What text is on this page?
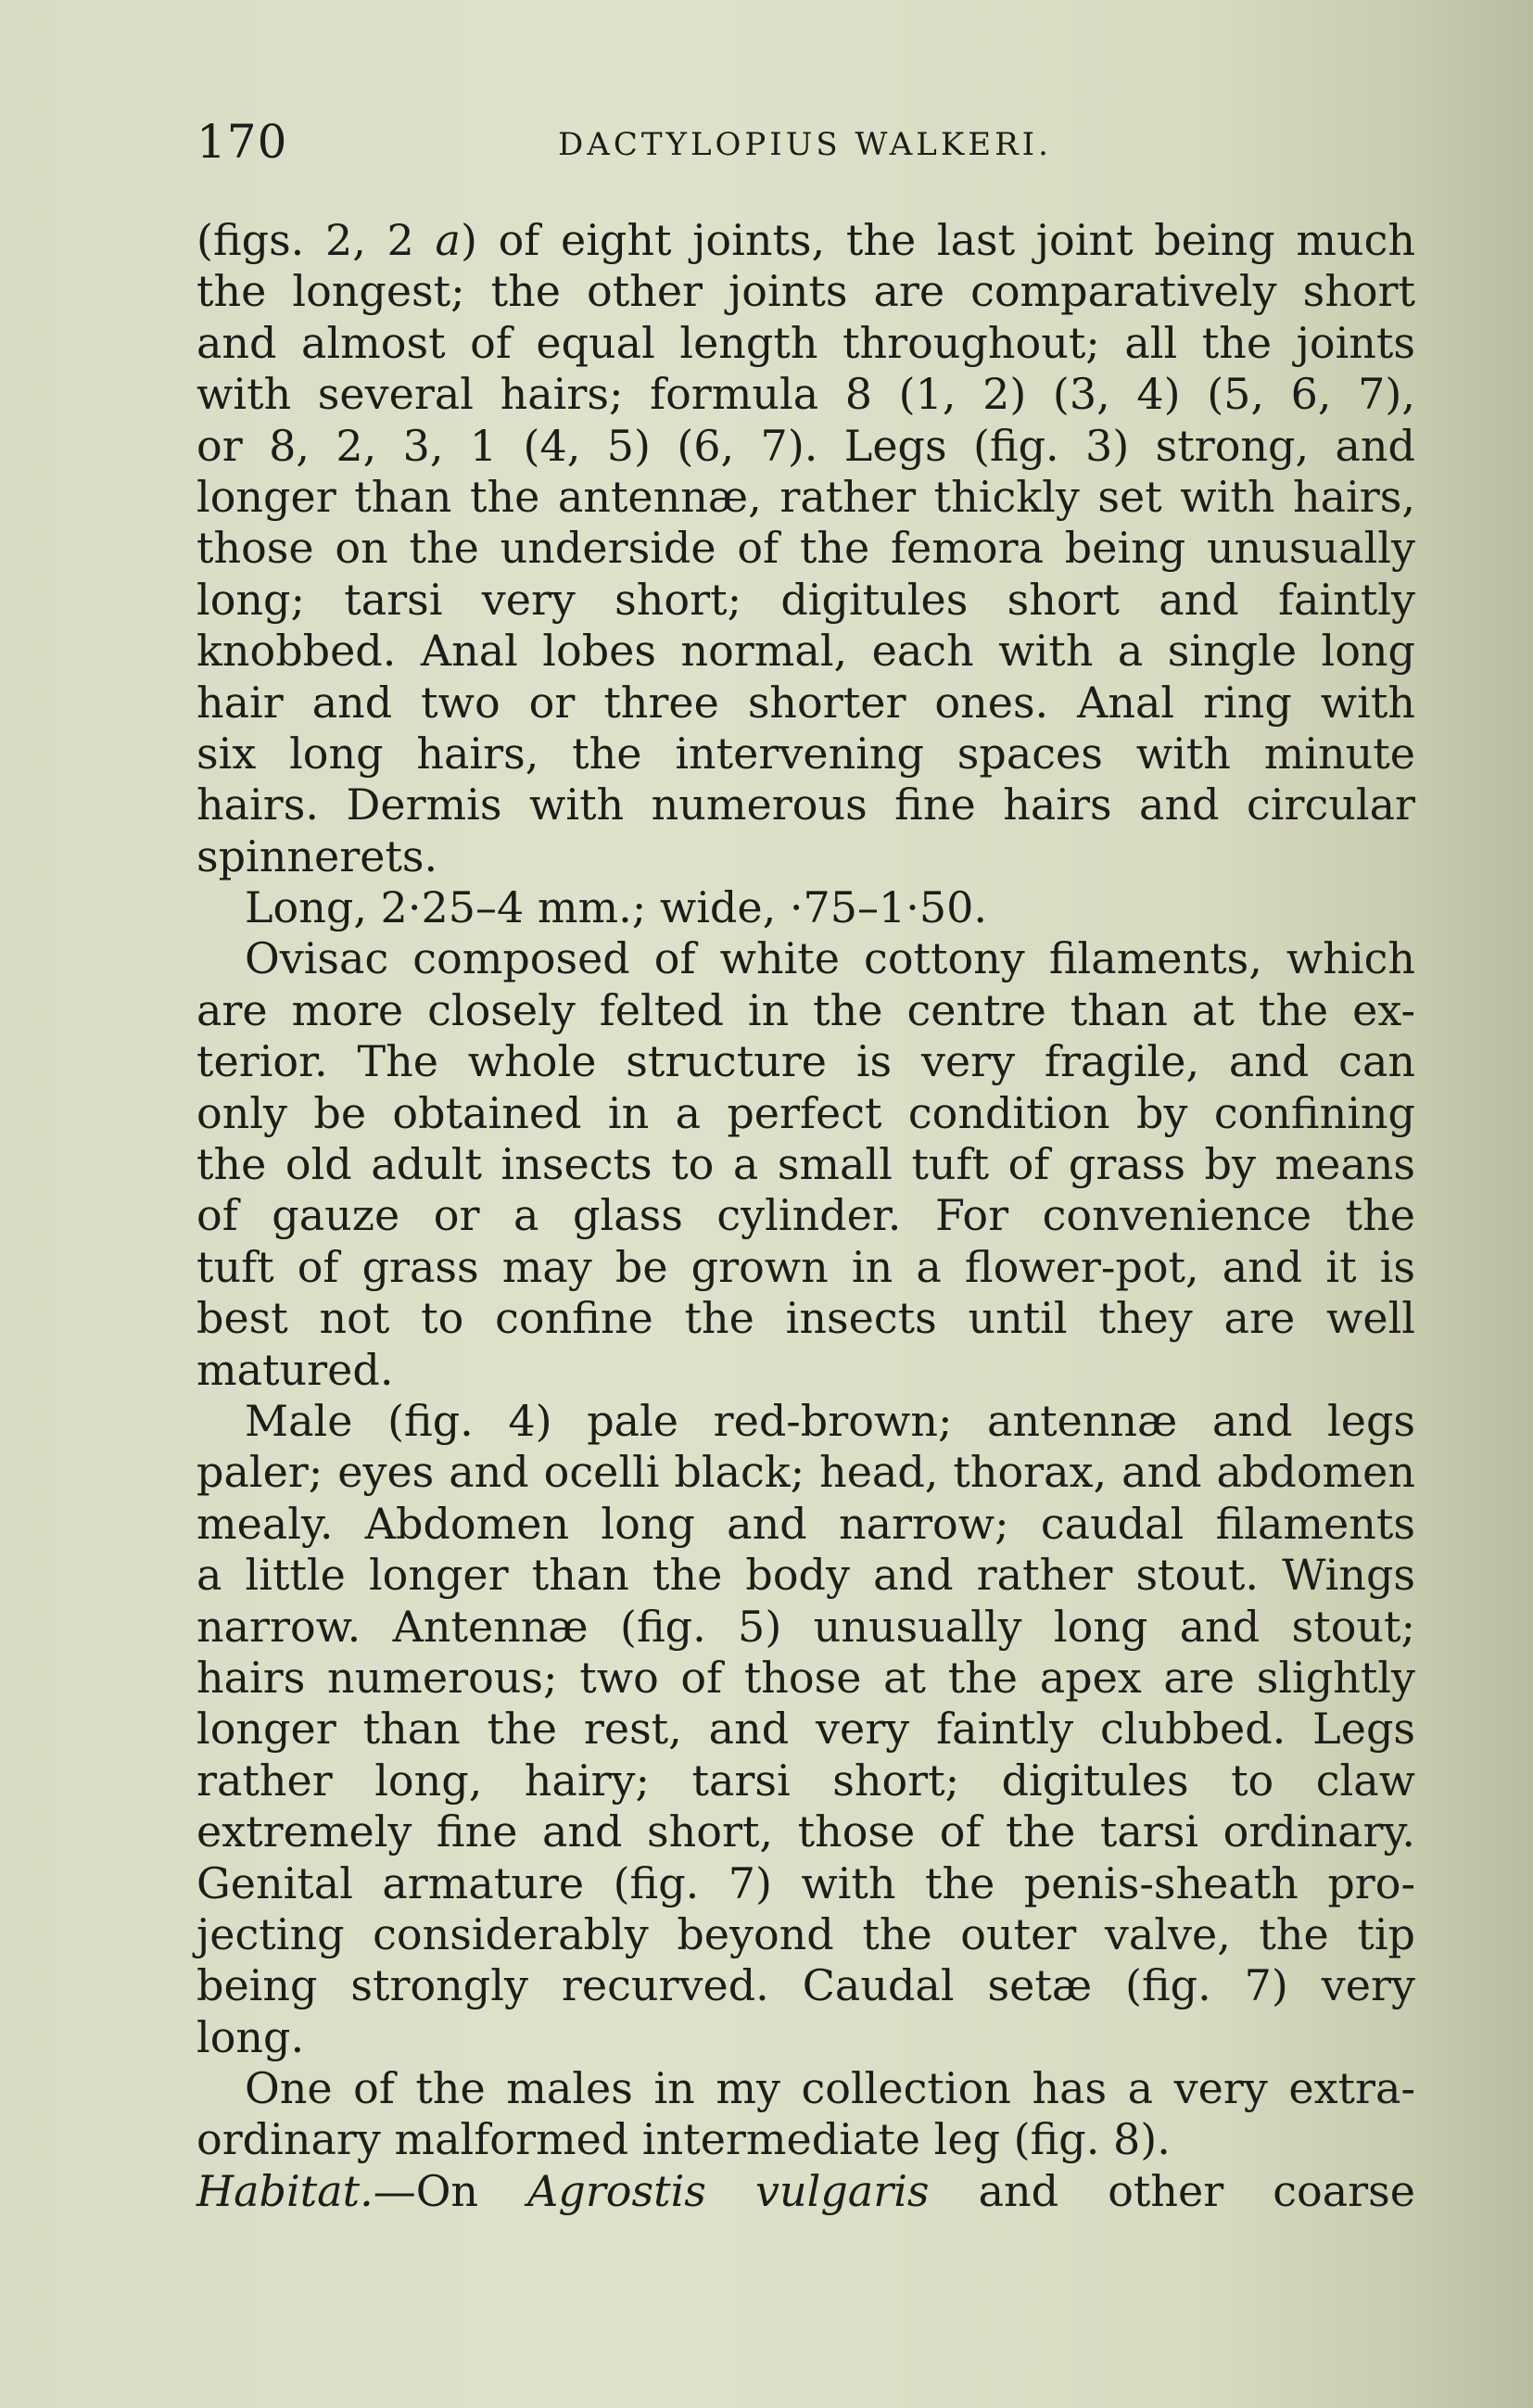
170	DACTYLOPIUS WALKERI.
(figs. 2, 2 a) of eight joints, the last joint being much
the longest; the other joints are comparatively short
and almost of equal length throughout; all the joints
with several hairs; formula 8 (1, 2) (3, 4) (5, 6, 7),
or 8, 2, 3, 1 (4, 5) (6, 7). Legs (fig. 3) strong, and
longer than the antennæ, rather thickly set with hairs,
those on the underside of the femora being unusually
long; tarsi very short; digitules short and faintly
knobbed. Anal lobes normal, each with a single long
hair and two or three shorter ones. Anal ring with
six long hairs, the intervening spaces with minute
hairs. Dermis with numerous fine hairs and circular
spinnerets.
Long, 2·25–4 mm.; wide, ·75–1·50.
Ovisac composed of white cottony filaments, which
are more closely felted in the centre than at the ex-
terior. The whole structure is very fragile, and can
only be obtained in a perfect condition by confining
the old adult insects to a small tuft of grass by means
of gauze or a glass cylinder. For convenience the
tuft of grass may be grown in a flower-pot, and it is
best not to confine the insects until they are well
matured.
Male (fig. 4) pale red-brown; antennæ and legs
paler; eyes and ocelli black; head, thorax, and abdomen
mealy. Abdomen long and narrow; caudal filaments
a little longer than the body and rather stout. Wings
narrow. Antennæ (fig. 5) unusually long and stout;
hairs numerous; two of those at the apex are slightly
longer than the rest, and very faintly clubbed. Legs
rather long, hairy; tarsi short; digitules to claw
extremely fine and short, those of the tarsi ordinary.
Genital armature (fig. 7) with the penis-sheath pro-
jecting considerably beyond the outer valve, the tip
being strongly recurved. Caudal setæ (fig. 7) very
long.
One of the males in my collection has a very extra-
ordinary malformed intermediate leg (fig. 8).
Habitat.—On Agrostis vulgaris and other coarse
